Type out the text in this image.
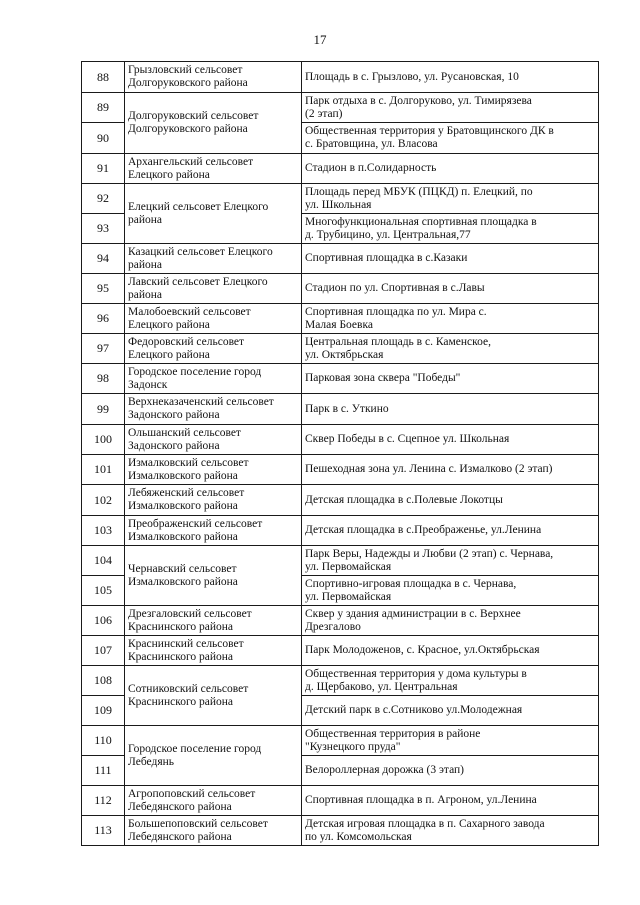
17
88	Грызловский сельсовет
Долгоруковского района	Площадь в с. Грызлово, ул. Русановская, 10
89	Долгоруковский сельсовет
Долгоруковского района	Парк отдыха в с. Долгоруково, ул. Тимирязева
(2 этап)
90		Общественная территория у Братовщинского ДК в
с. Братовщина, ул. Власова
91	Архангельский сельсовет
Елецкого района	Стадион в п.Солидарность
92	Елецкий сельсовет Елецкого
района	Площадь перед МБУК (ПЦКД) п. Елецкий, по
ул. Школьная
93		Многофункциональная спортивная площадка в
д. Трубицино, ул. Центральная,77
94	Казацкий сельсовет Елецкого
района	Спортивная площадка в с.Казаки
95	Лавский сельсовет Елецкого
района	Стадион по ул. Спортивная в с.Лавы
96	Малобоевский сельсовет
Елецкого района	Спортивная площадка по ул. Мира с.
Малая Боевка
97	Федоровский сельсовет
Елецкого района	Центральная площадь в с. Каменское,
ул. Октябрьская
98	Городское поселение город
Задонск	Парковая зона сквера "Победы"
99	Верхнеказаченский сельсовет
Задонского района	Парк в с. Уткино
100	Ольшанский сельсовет
Задонского района	Сквер Победы в с. Сцепное ул. Школьная
101	Измалковский сельсовет
Измалковского района	Пешеходная зона ул. Ленина с. Измалково (2 этап)
102	Лебяженский сельсовет
Измалковского района	Детская площадка в с.Полевые Локотцы
103	Преображенский сельсовет
Измалковского района	Детская площадка в с.Преображенье, ул.Ленина
104	Чернавский сельсовет
Измалковского района	Парк Веры, Надежды и Любви (2 этап) с. Чернава,
ул. Первомайская
105		Спортивно-игровая площадка в с. Чернава,
ул. Первомайская
106	Дрезгаловский сельсовет
Краснинского района	Сквер у здания администрации в с. Верхнее
Дрезгалово
107	Краснинский сельсовет
Краснинского района	Парк Молодоженов, с. Красное, ул.Октябрьская
108	Сотниковский сельсовет
Краснинского района	Общественная территория у дома культуры в
д. Щербаково, ул. Центральная
109		Детский парк в с.Сотниково ул.Молодежная
110	Городское поселение город
Лебедянь	Общественная территория в районе
"Кузнецкого пруда"
111		Велороллерная дорожка (3 этап)
112	Агропоповский сельсовет
Лебедянского района	Спортивная площадка в п. Агроном, ул.Ленина
113	Большепоповский сельсовет
Лебедянского района	Детская игровая площадка в п. Сахарного завода
по ул. Комсомольская
